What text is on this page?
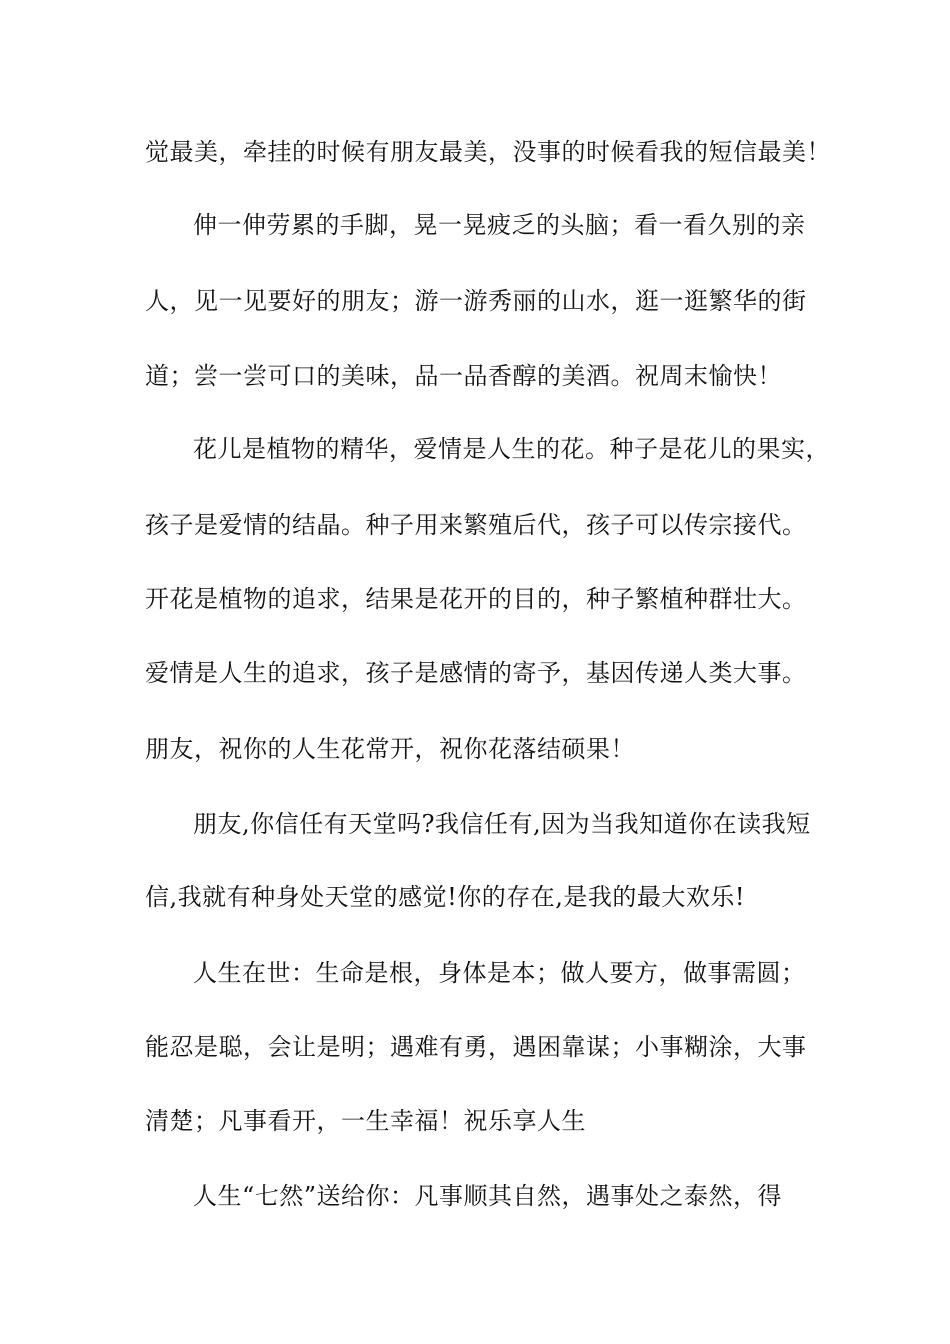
觉最美，牵挂的时候有朋友最美，没事的时候看我的短信最美！
伸一伸劳累的手脚，晃一晃疲乏的头脑；看一看久别的亲
人，见一见要好的朋友；游一游秀丽的山水，逛一逛繁华的街
道；尝一尝可口的美味，品一品香醇的美酒。祝周末愉快！
花儿是植物的精华，爱情是人生的花。种子是花儿的果实，
孩子是爱情的结晶。种子用来繁殖后代，孩子可以传宗接代。
开花是植物的追求，结果是花开的目的，种子繁植种群壮大。
爱情是人生的追求，孩子是感情的寄予，基因传递人类大事。
朋友，祝你的人生花常开，祝你花落结硕果！
朋友,你信任有天堂吗?我信任有,因为当我知道你在读我短
信,我就有种身处天堂的感觉!你的存在,是我的最大欢乐!
人生在世：生命是根，身体是本；做人要方，做事需圆；
能忍是聪，会让是明；遇难有勇，遇困靠谋；小事糊涂，大事
清楚；凡事看开，一生幸福！祝乐享人生
人生“七然”送给你：凡事顺其自然，遇事处之泰然，得
